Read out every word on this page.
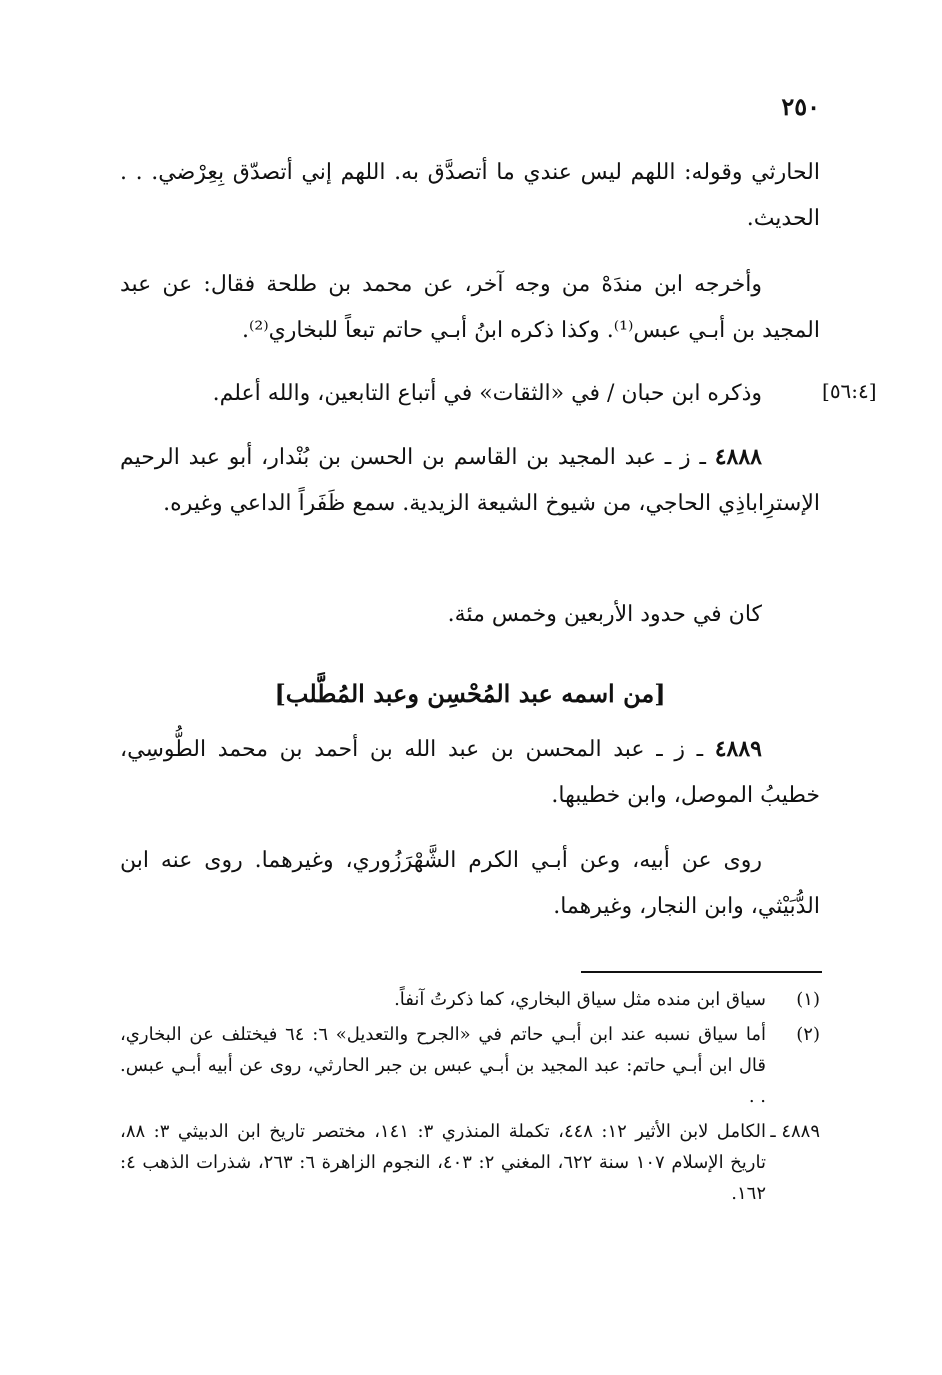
٢٥٠
الحارثي وقوله: اللهم ليس عندي ما أتصدَّق به. اللهم إني أتصدّق بِعِرْضي. . . الحديث.
وأخرجه ابن مندَهْ من وجه آخر، عن محمد بن طلحة فقال: عن عبد المجيد بن أبـي عبس⁽¹⁾. وكذا ذكره ابنُ أبـي حاتم تبعاً للبخاري⁽²⁾.
[٥٦:٤]
وذكره ابن حبان / في «الثقات» في أتباع التابعين، والله أعلم.
٤٨٨٨ ـ ز ـ عبد المجيد بن القاسم بن الحسن بن بُنْدار، أبو عبد الرحيم الإسترِاباذِي الحاجي، من شيوخ الشيعة الزيدية. سمع ظَفَراً الداعي وغيره.
كان في حدود الأربعين وخمس مئة.
[من اسمه عبد المُحْسِن وعبد المُطَّلب]
٤٨٨٩ ـ ز ـ عبد المحسن بن عبد الله بن أحمد بن محمد الطُّوسِي، خطيبُ الموصل، وابن خطيبها.
روى عن أبيه، وعن أبـي الكرم الشَّهْرَزُوري، وغيرهما. روى عنه ابن الدُّبَيْثي، وابن النجار، وغيرهما.
(١)
سياق ابن منده مثل سياق البخاري، كما ذكرتُ آنفاً.
(٢)
أما سياق نسبه عند ابن أبـي حاتم في «الجرح والتعديل» ٦: ٦٤ فيختلف عن البخاري، قال ابن أبـي حاتم: عبد المجيد بن أبـي عبس بن جبر الحارثي، روى عن أبيه أبـي عبس. . .
٤٨٨٩ ـ
الكامل لابن الأثير ١٢: ٤٤٨، تكملة المنذري ٣: ١٤١، مختصر تاريخ ابن الدبيثي ٣: ٨٨، تاريخ الإسلام ١٠٧ سنة ٦٢٢، المغني ٢: ٤٠٣، النجوم الزاهرة ٦: ٢٦٣، شذرات الذهب ٤: ١٦٢.
